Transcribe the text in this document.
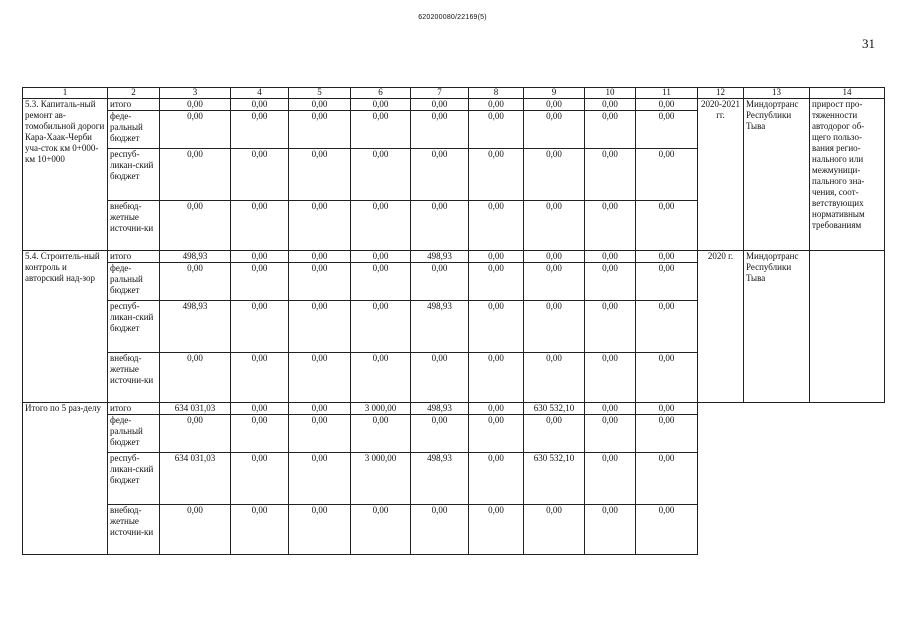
620200080/22169(5)
31
1	2	3	4	5	6	7	8	9	10	11	12	13	14
5.3. Капиталь-ный ремонт ав-томобильной дороги Кара-Хаак-Черби уча-сток км 0+000-км 10+000	итого	0,00	0,00	0,00	0,00	0,00	0,00	0,00	0,00	0,00	2020-2021 гг.	Миндортранс Республики Тыва	прирост про-тяженности автодорог об-щего пользо-вания регио-нального или межмуници-пального зна-чения, соот-ветствующих нормативным требованиям
	феде-ральный бюджет	0,00	0,00	0,00	0,00	0,00	0,00	0,00	0,00	0,00			
	респуб-ликан-ский бюджет	0,00	0,00	0,00	0,00	0,00	0,00	0,00	0,00	0,00			
	внебюд-жетные источни-ки	0,00	0,00	0,00	0,00	0,00	0,00	0,00	0,00	0,00			
5.4. Строитель-ный контроль и авторский над-зор	итого	498,93	0,00	0,00	0,00	498,93	0,00	0,00	0,00	0,00	2020 г.	Миндортранс Республики Тыва	
	феде-ральный бюджет	0,00	0,00	0,00	0,00	0,00	0,00	0,00	0,00	0,00			
	респуб-ликан-ский бюджет	498,93	0,00	0,00	0,00	498,93	0,00	0,00	0,00	0,00			
	внебюд-жетные источни-ки	0,00	0,00	0,00	0,00	0,00	0,00	0,00	0,00	0,00			
Итого по 5 раз-делу	итого	634 031,03	0,00	0,00	3 000,00	498,93	0,00	630 532,10	0,00	0,00			
	феде-ральный бюджет	0,00	0,00	0,00	0,00	0,00	0,00	0,00	0,00	0,00			
	респуб-ликан-ский бюджет	634 031,03	0,00	0,00	3 000,00	498,93	0,00	630 532,10	0,00	0,00			
	внебюд-жетные источни-ки	0,00	0,00	0,00	0,00	0,00	0,00	0,00	0,00	0,00			
